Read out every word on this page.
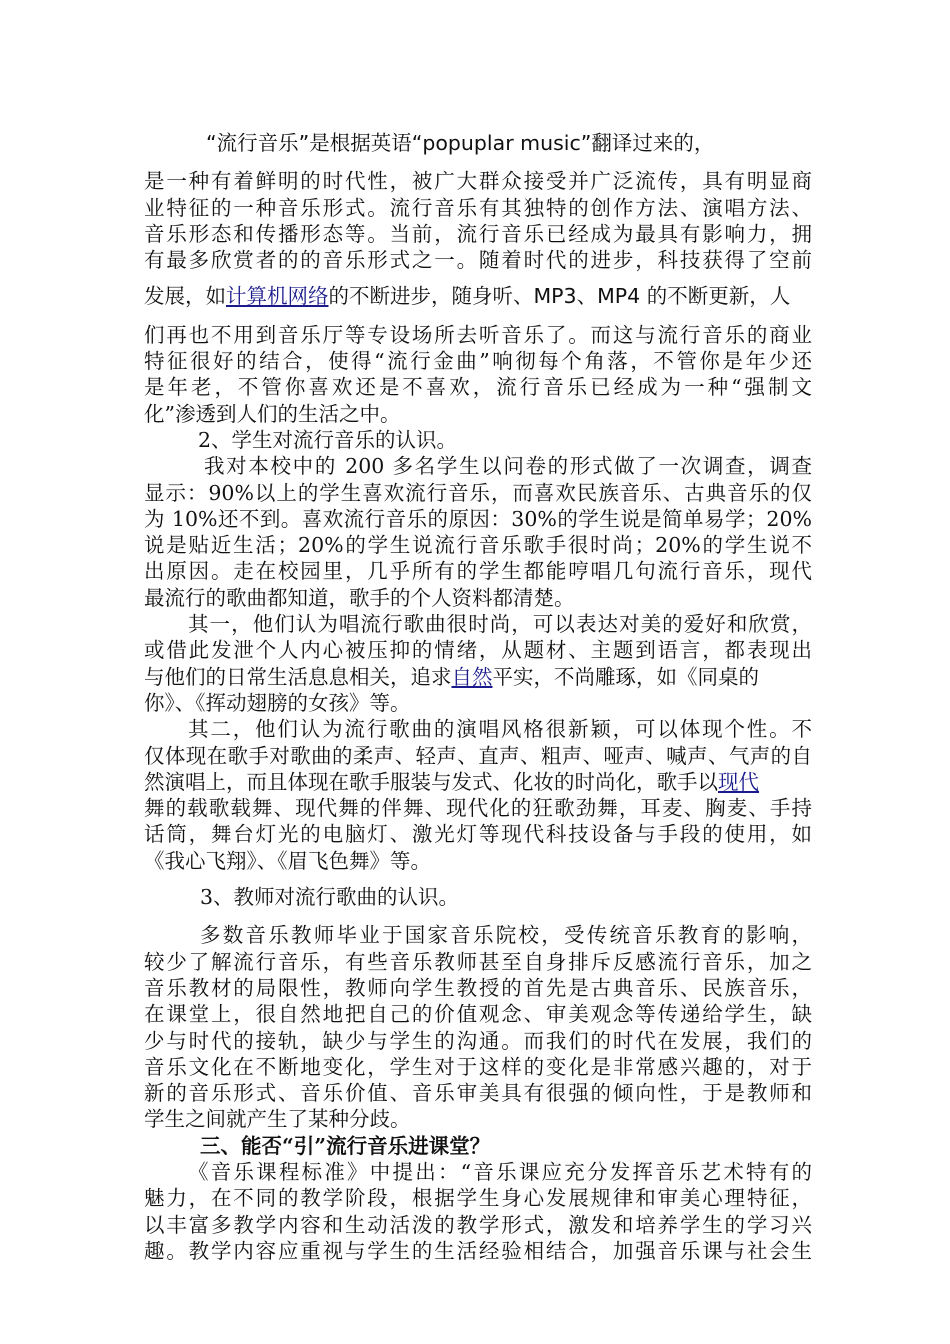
“流行音乐”是根据英语“popuplar music”翻译过来的，

是一种有着鲜明的时代性，被广大群众接受并广泛流传，具有明显商

业特征的一种音乐形式。流行音乐有其独特的创作方法、演唱方法、

音乐形态和传播形态等。当前，流行音乐已经成为最具有影响力，拥

有最多欣赏者的的音乐形式之一。随着时代的进步，科技获得了空前

发展，如计算机网络的不断进步，随身听、MP3、MP4 的不断更新，人

们再也不用到音乐厅等专设场所去听音乐了。而这与流行音乐的商业

特征很好的结合，使得“流行金曲”响彻每个角落，不管你是年少还

是年老，不管你喜欢还是不喜欢，流行音乐已经成为一种“强制文

化”渗透到人们的生活之中。

2、学生对流行音乐的认识。

我对本校中的 200 多名学生以问卷的形式做了一次调查，调查

显示：90%以上的学生喜欢流行音乐，而喜欢民族音乐、古典音乐的仅

为 10%还不到。喜欢流行音乐的原因：30%的学生说是简单易学；20%

说是贴近生活；20%的学生说流行音乐歌手很时尚；20%的学生说不

出原因。走在校园里，几乎所有的学生都能哼唱几句流行音乐，现代

最流行的歌曲都知道，歌手的个人资料都清楚。

其一，他们认为唱流行歌曲很时尚，可以表达对美的爱好和欣赏，

或借此发泄个人内心被压抑的情绪，从题材、主题到语言，都表现出

与他们的日常生活息息相关，追求自然平实，不尚雕琢，如《同桌的

你》、《挥动翅膀的女孩》等。

其二，他们认为流行歌曲的演唱风格很新颖，可以体现个性。不

仅体现在歌手对歌曲的柔声、轻声、直声、粗声、哑声、喊声、气声的自

然演唱上，而且体现在歌手服装与发式、化妆的时尚化，歌手以现代

舞的载歌载舞、现代舞的伴舞、现代化的狂歌劲舞，耳麦、胸麦、手持

话筒，舞台灯光的电脑灯、激光灯等现代科技设备与手段的使用，如

《我心飞翔》、《眉飞色舞》等。

3、教师对流行歌曲的认识。

多数音乐教师毕业于国家音乐院校，受传统音乐教育的影响，

较少了解流行音乐，有些音乐教师甚至自身排斥反感流行音乐，加之

音乐教材的局限性，教师向学生教授的首先是古典音乐、民族音乐，

在课堂上，很自然地把自己的价值观念、审美观念等传递给学生，缺

少与时代的接轨，缺少与学生的沟通。而我们的时代在发展，我们的

音乐文化在不断地变化，学生对于这样的变化是非常感兴趣的，对于

新的音乐形式、音乐价值、音乐审美具有很强的倾向性，于是教师和

学生之间就产生了某种分歧。

三、能否“引”流行音乐进课堂？

《音乐课程标准》中提出：“音乐课应充分发挥音乐艺术特有的

魅力，在不同的教学阶段，根据学生身心发展规律和审美心理特征，

以丰富多教学内容和生动活泼的教学形式，激发和培养学生的学习兴

趣。教学内容应重视与学生的生活经验相结合，加强音乐课与社会生
